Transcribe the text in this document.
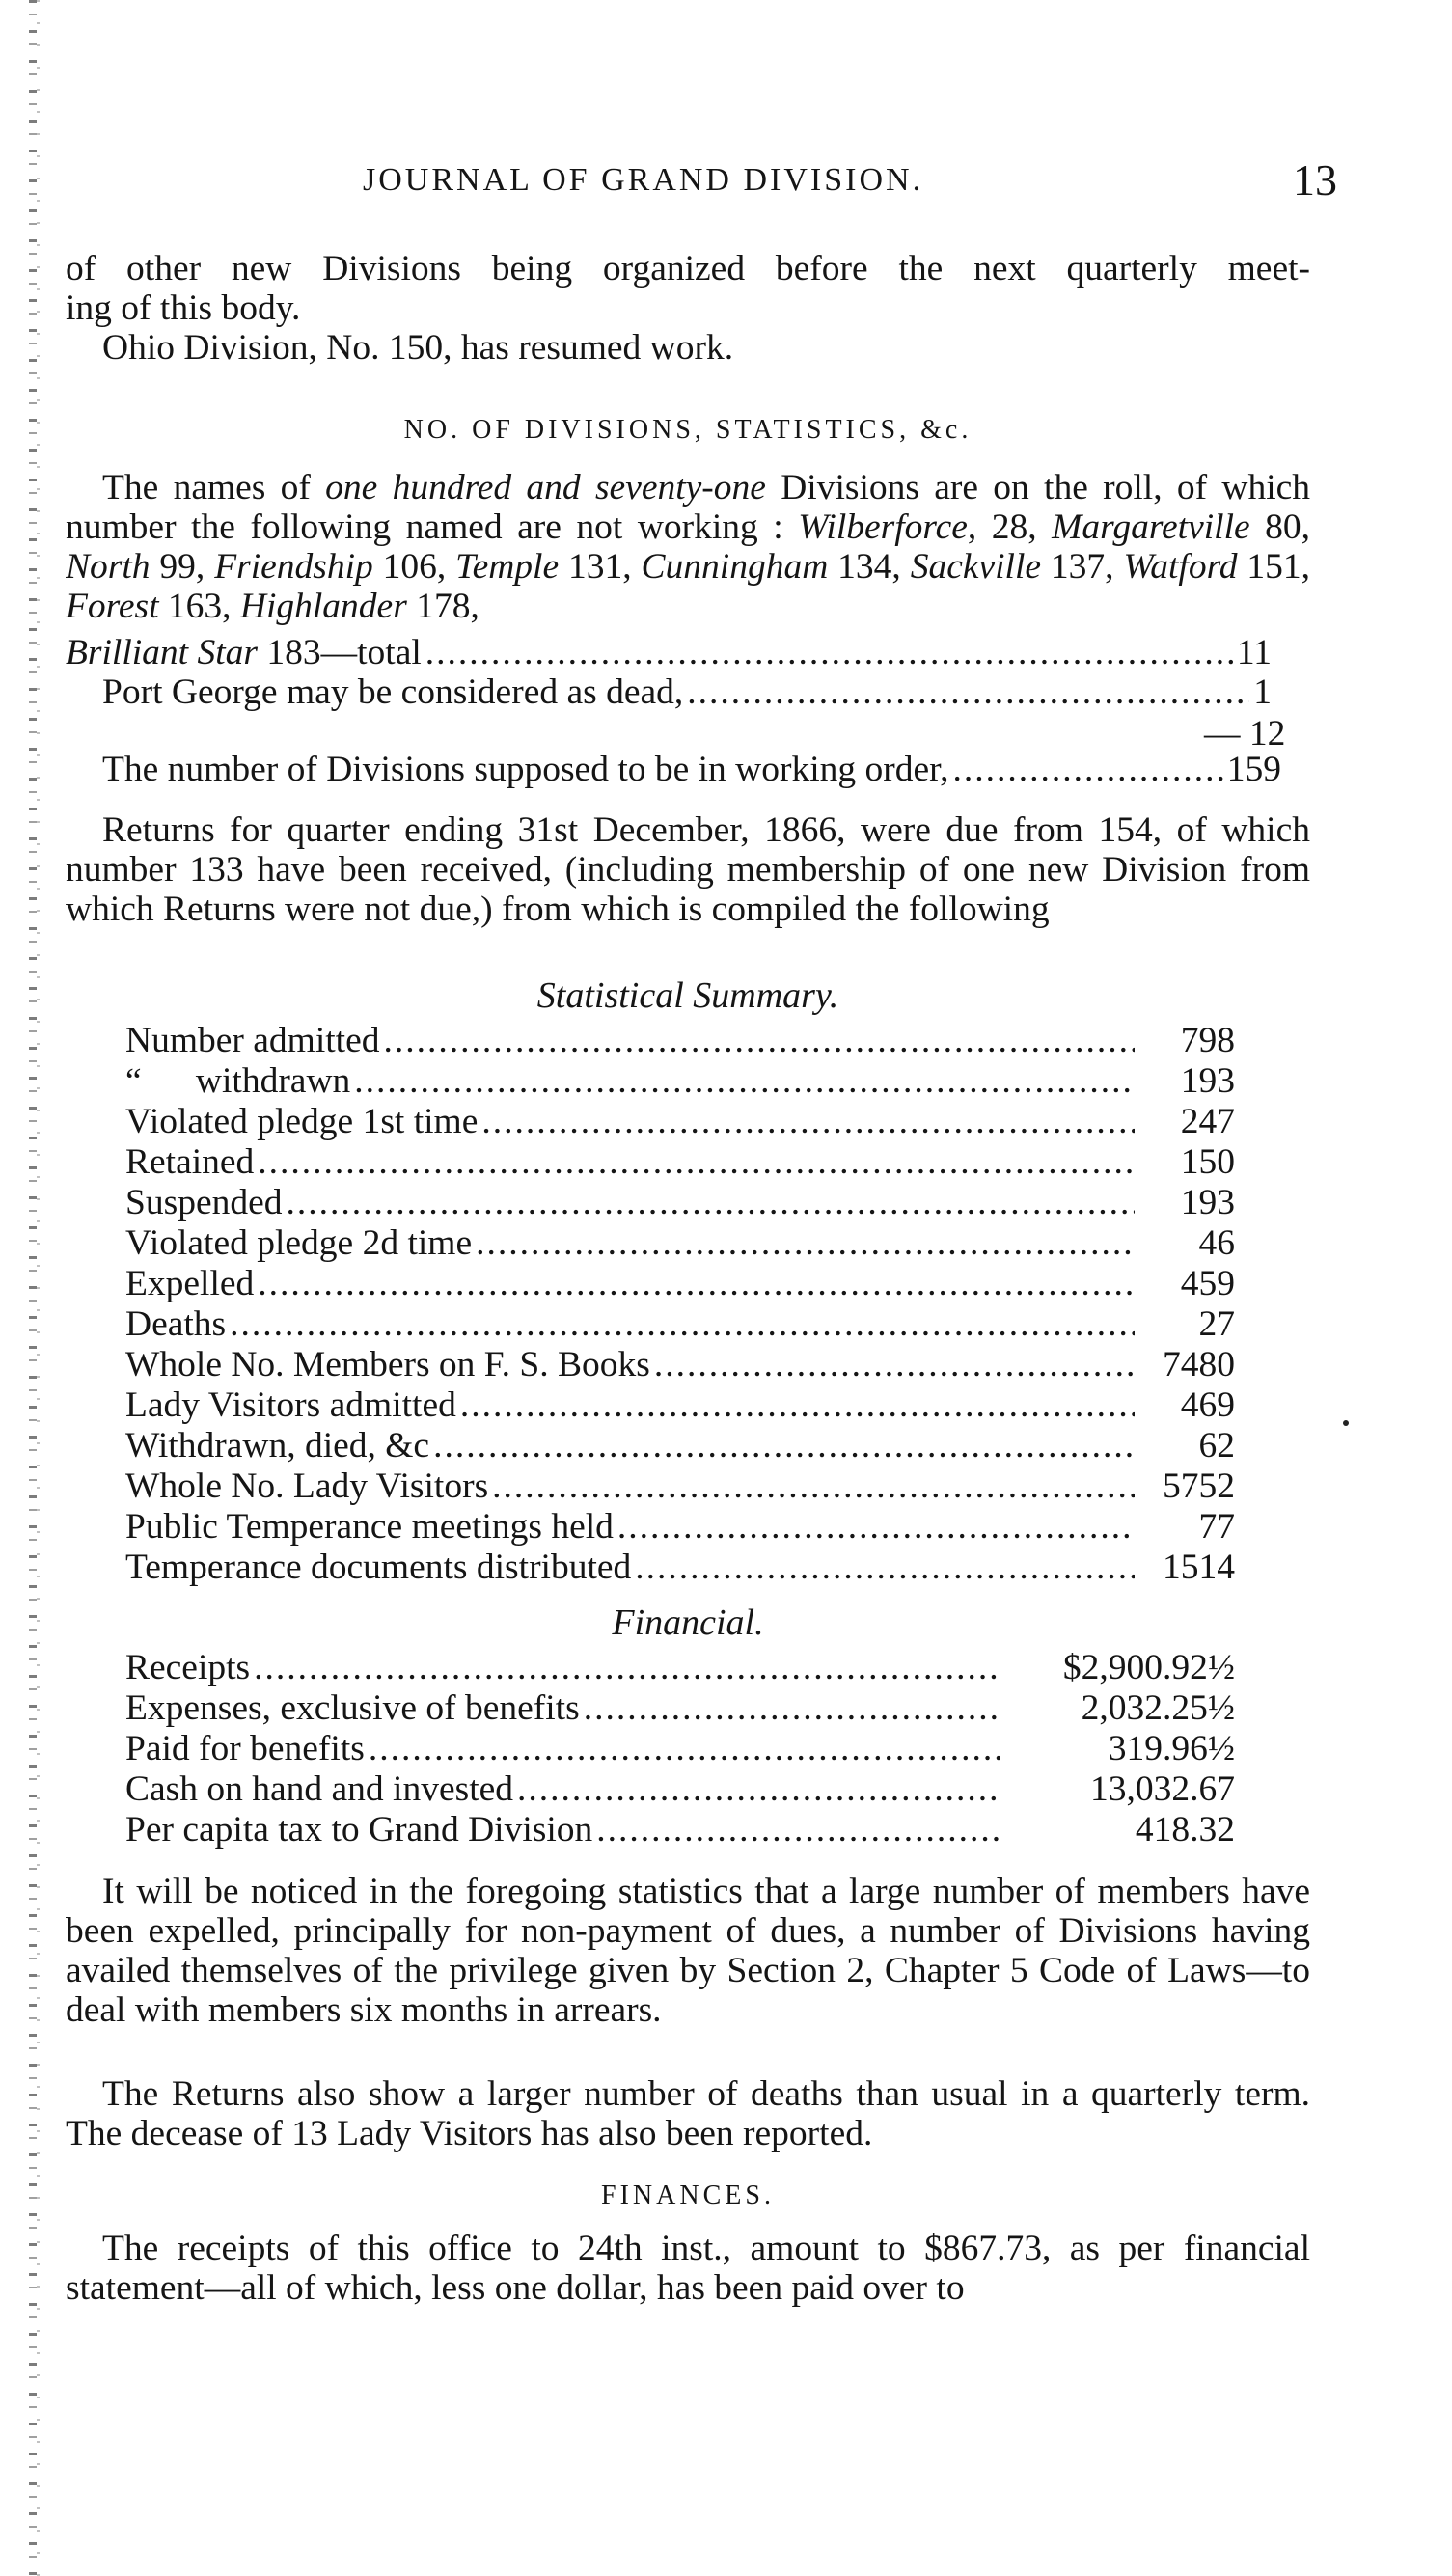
JOURNAL OF GRAND DIVISION.	13

of other new Divisions being organized before the next quarterly meet-

ing of this body.

Ohio Division, No. 150, has resumed work.

NO. OF DIVISIONS, STATISTICS, &c.

The names of one hundred and seventy-one Divisions are on the roll, of which number the following named are not working : Wilberforce, 28, Margaretville 80, North 99, Friendship 106, Temple 131, Cunningham 134, Sackville 137, Watford 151, Forest 163, Highlander 178,

Brilliant Star 183—total .....	11
Port George may be considered as dead, .....	1
— 12
The number of Divisions supposed to be in working order, .....	159

Returns for quarter ending 31st December, 1866, were due from 154, of which number 133 have been received, (including membership of one new Division from which Returns were not due,) from which is compiled the following

Statistical Summary.
Number admitted .....	798
“      withdrawn .....	193
Violated pledge 1st time .....	247
Retained .....	150
Suspended .....	193
Violated pledge 2d time .....	46
Expelled .....	459
Deaths .....	27
Whole No. Members on F. S. Books .....	7480
Lady Visitors admitted .....	469
Withdrawn, died, &c .....	62
Whole No. Lady Visitors .....	5752
Public Temperance meetings held .....	77
Temperance documents distributed .....	1514
Financial.
Receipts .....	$2,900.92½
Expenses, exclusive of benefits .....	2,032.25½
Paid for benefits .....	319.96½
Cash on hand and invested .....	13,032.67
Per capita tax to Grand Division .....	418.32

It will be noticed in the foregoing statistics that a large number of members have been expelled, principally for non-payment of dues, a number of Divisions having availed themselves of the privilege given by Section 2, Chapter 5 Code of Laws—to deal with members six months in arrears.

The Returns also show a larger number of deaths than usual in a quarterly term. The decease of 13 Lady Visitors has also been reported.

FINANCES.

The receipts of this office to 24th inst., amount to $867.73, as per financial statement—all of which, less one dollar, has been paid over to
